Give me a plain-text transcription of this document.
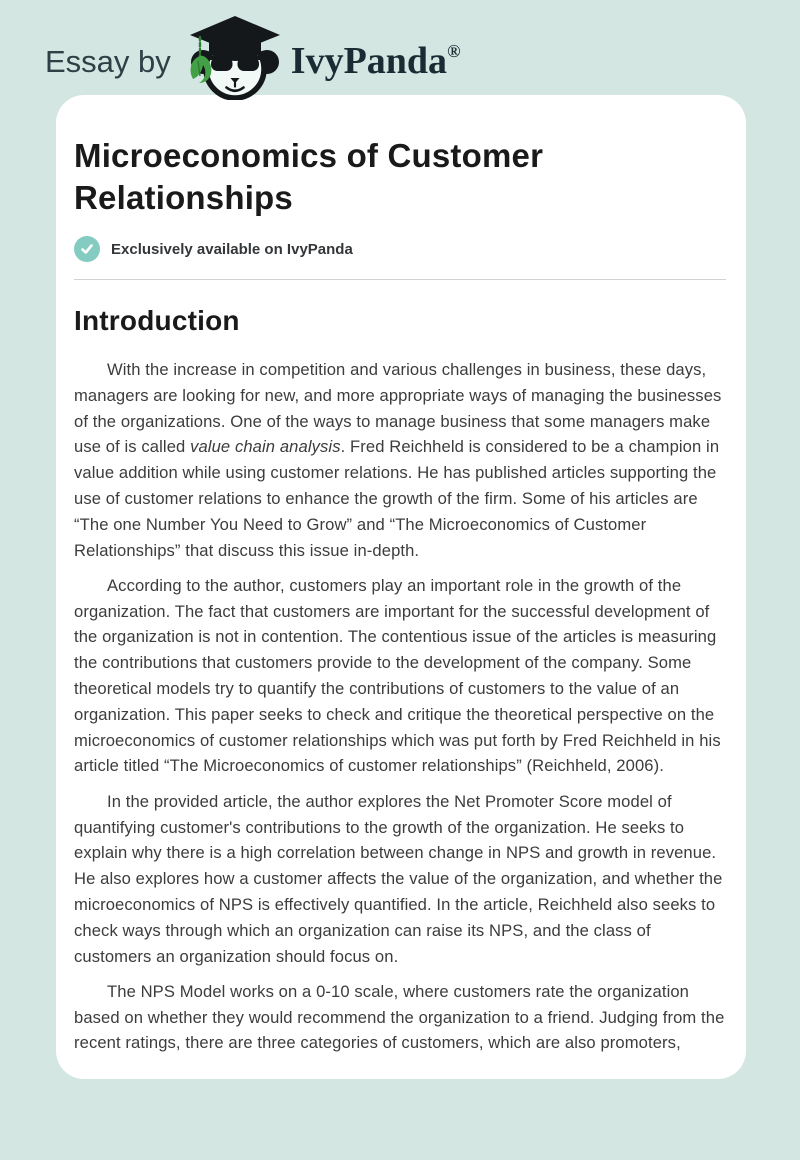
Essay by	IvyPanda®
Microeconomics of Customer Relationships
Exclusively available on IvyPanda
Introduction

With the increase in competition and various challenges in business, these days, managers are looking for new, and more appropriate ways of managing the businesses of the organizations. One of the ways to manage business that some managers make use of is called value chain analysis. Fred Reichheld is considered to be a champion in value addition while using customer relations. He has published articles supporting the use of customer relations to enhance the growth of the firm. Some of his articles are “The one Number You Need to Grow” and “The Microeconomics of Customer Relationships” that discuss this issue in-depth.

According to the author, customers play an important role in the growth of the organization. The fact that customers are important for the successful development of the organization is not in contention. The contentious issue of the articles is measuring the contributions that customers provide to the development of the company. Some theoretical models try to quantify the contributions of customers to the value of an organization. This paper seeks to check and critique the theoretical perspective on the microeconomics of customer relationships which was put forth by Fred Reichheld in his article titled “The Microeconomics of customer relationships” (Reichheld, 2006).

In the provided article, the author explores the Net Promoter Score model of quantifying customer's contributions to the growth of the organization. He seeks to explain why there is a high correlation between change in NPS and growth in revenue. He also explores how a customer affects the value of the organization, and whether the microeconomics of NPS is effectively quantified. In the article, Reichheld also seeks to check ways through which an organization can raise its NPS, and the class of customers an organization should focus on.

The NPS Model works on a 0-10 scale, where customers rate the organization based on whether they would recommend the organization to a friend. Judging from the recent ratings, there are three categories of customers, which are also promoters,
